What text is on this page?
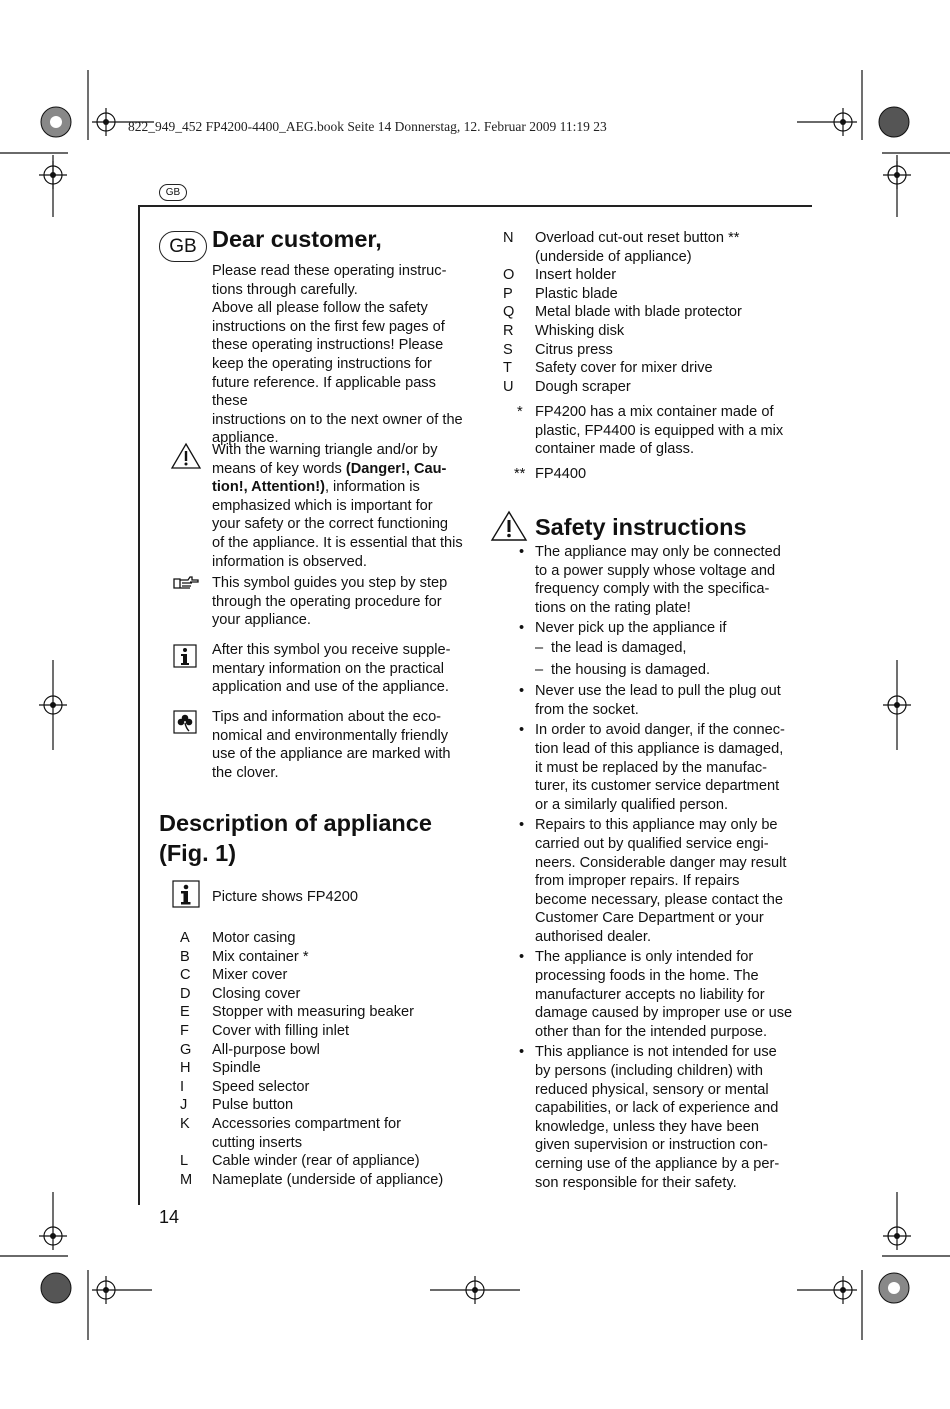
822_949_452 FP4200-4400_AEG.book Seite 14 Donnerstag, 12. Februar 2009 11:19 23
GB
GB Dear customer,

Please read these operating instruc-
tions through carefully.
Above all please follow the safety
instructions on the first few pages of
these operating instructions! Please
keep the operating instructions for
future reference. If applicable pass these
instructions on to the next owner of the
appliance.

With the warning triangle and/or by
means of key words (Danger!, Cau-
tion!, Attention!), information is
emphasized which is important for
your safety or the correct functioning
of the appliance. It is essential that this
information is observed.

This symbol guides you step by step
through the operating procedure for
your appliance.

After this symbol you receive supple-
mentary information on the practical
application and use of the appliance.

Tips and information about the eco-
nomical and environmentally friendly
use of the appliance are marked with
the clover.

Description of appliance (Fig. 1)

Picture shows FP4200

A Motor casing
B Mix container *
C Mixer cover
D Closing cover
E Stopper with measuring beaker
F Cover with filling inlet
G All-purpose bowl
H Spindle
I Speed selector
J Pulse button
K Accessories compartment for
cutting inserts
L Cable winder (rear of appliance)
M Nameplate (underside of appliance)
N Overload cut-out reset button **
(underside of appliance)
O Insert holder
P Plastic blade
Q Metal blade with blade protector
R Whisking disk
S Citrus press
T Safety cover for mixer drive
U Dough scraper
* FP4200 has a mix container made of
plastic, FP4400 is equipped with a mix
container made of glass.
** FP4400
Safety instructions
• The appliance may only be connected
to a power supply whose voltage and
frequency comply with the specifica-
tions on the rating plate!

• Never pick up the appliance if

– the lead is damaged,
– the housing is damaged.
• Never use the lead to pull the plug out
from the socket.

• In order to avoid danger, if the connec-
tion lead of this appliance is damaged,
it must be replaced by the manufac-
turer, its customer service department
or a similarly qualified person.

• Repairs to this appliance may only be
carried out by qualified service engi-
neers. Considerable danger may result
from improper repairs. If repairs
become necessary, please contact the
Customer Care Department or your
authorised dealer.

• The appliance is only intended for
processing foods in the home. The
manufacturer accepts no liability for
damage caused by improper use or use
other than for the intended purpose.

• This appliance is not intended for use
by persons (including children) with
reduced physical, sensory or mental
capabilities, or lack of experience and
knowledge, unless they have been
given supervision or instruction con-
cerning use of the appliance by a per-
son responsible for their safety.

14
